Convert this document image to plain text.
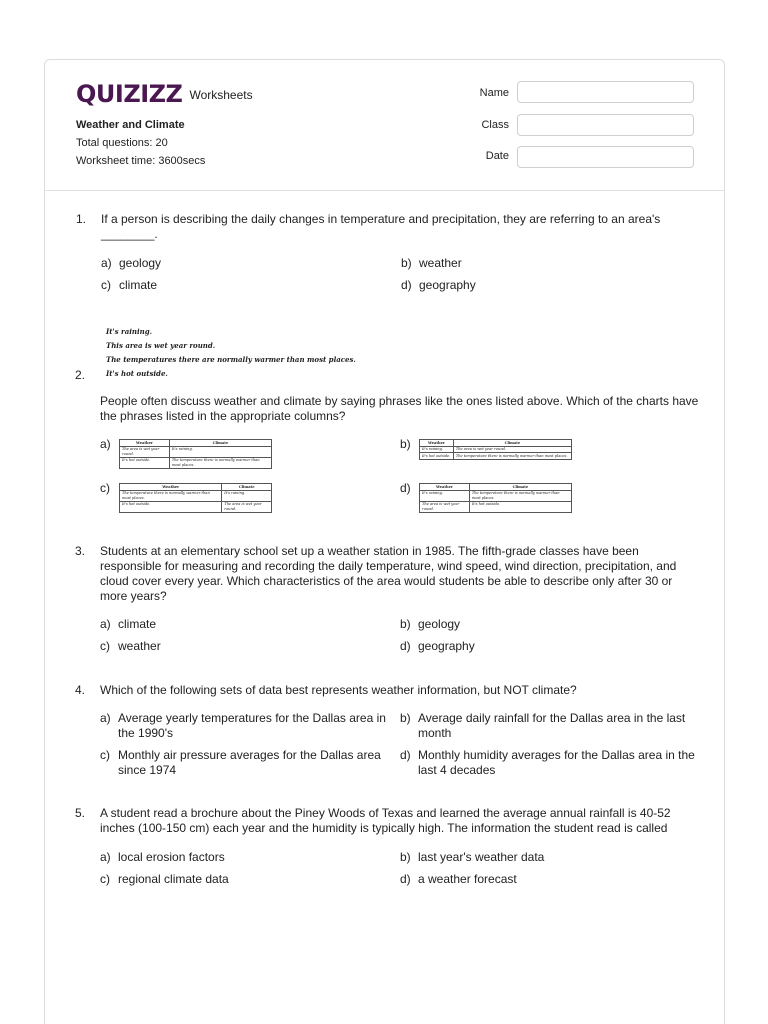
QUIZIZZ Worksheets
Weather and Climate
Total questions: 20
Worksheet time: 3600secs
Name
Class
Date
1.	If a person is describing the daily changes in temperature and precipitation, they are referring to an area's ________.
a) geology	b) weather
c) climate	d) geography
It's raining.
This area is wet year round.
The temperatures there are normally warmer than most places.
It's hot outside.
2.
People often discuss weather and climate by saying phrases like the ones listed above. Which of the charts have the phrases listed in the appropriate columns?
a)	Weather	Climate
The area is wet year round.	It's raining.
It's hot outside.	The temperature there is normally warmer than most places.
b)	Weather	Climate
It's raining.	The area is wet year round.
It's hot outside.	The temperature there is normally warmer than most places.
c)	Weather	Climate
The temperature there is normally warmer than most places.	It's raining.
It's hot outside.	The area is wet year round.
d)	Weather	Climate
It's raining.	The temperature there is normally warmer than most places.
The area is wet year round.	It's hot outside.
3.	Students at an elementary school set up a weather station in 1985. The fifth-grade classes have been responsible for measuring and recording the daily temperature, wind speed, wind direction, precipitation, and cloud cover every year. Which characteristics of the area would students be able to describe only after 30 or more years?
a) climate	b) geology
c) weather	d) geography
4.	Which of the following sets of data best represents weather information, but NOT climate?
a) Average yearly temperatures for the Dallas area in the 1990's
b) Average daily rainfall for the Dallas area in the last month
c) Monthly air pressure averages for the Dallas area since 1974
d) Monthly humidity averages for the Dallas area in the last 4 decades
5.	A student read a brochure about the Piney Woods of Texas and learned the average annual rainfall is 40-52 inches (100-150 cm) each year and the humidity is typically high. The information the student read is called
a) local erosion factors	b) last year's weather data
c) regional climate data	d) a weather forecast
